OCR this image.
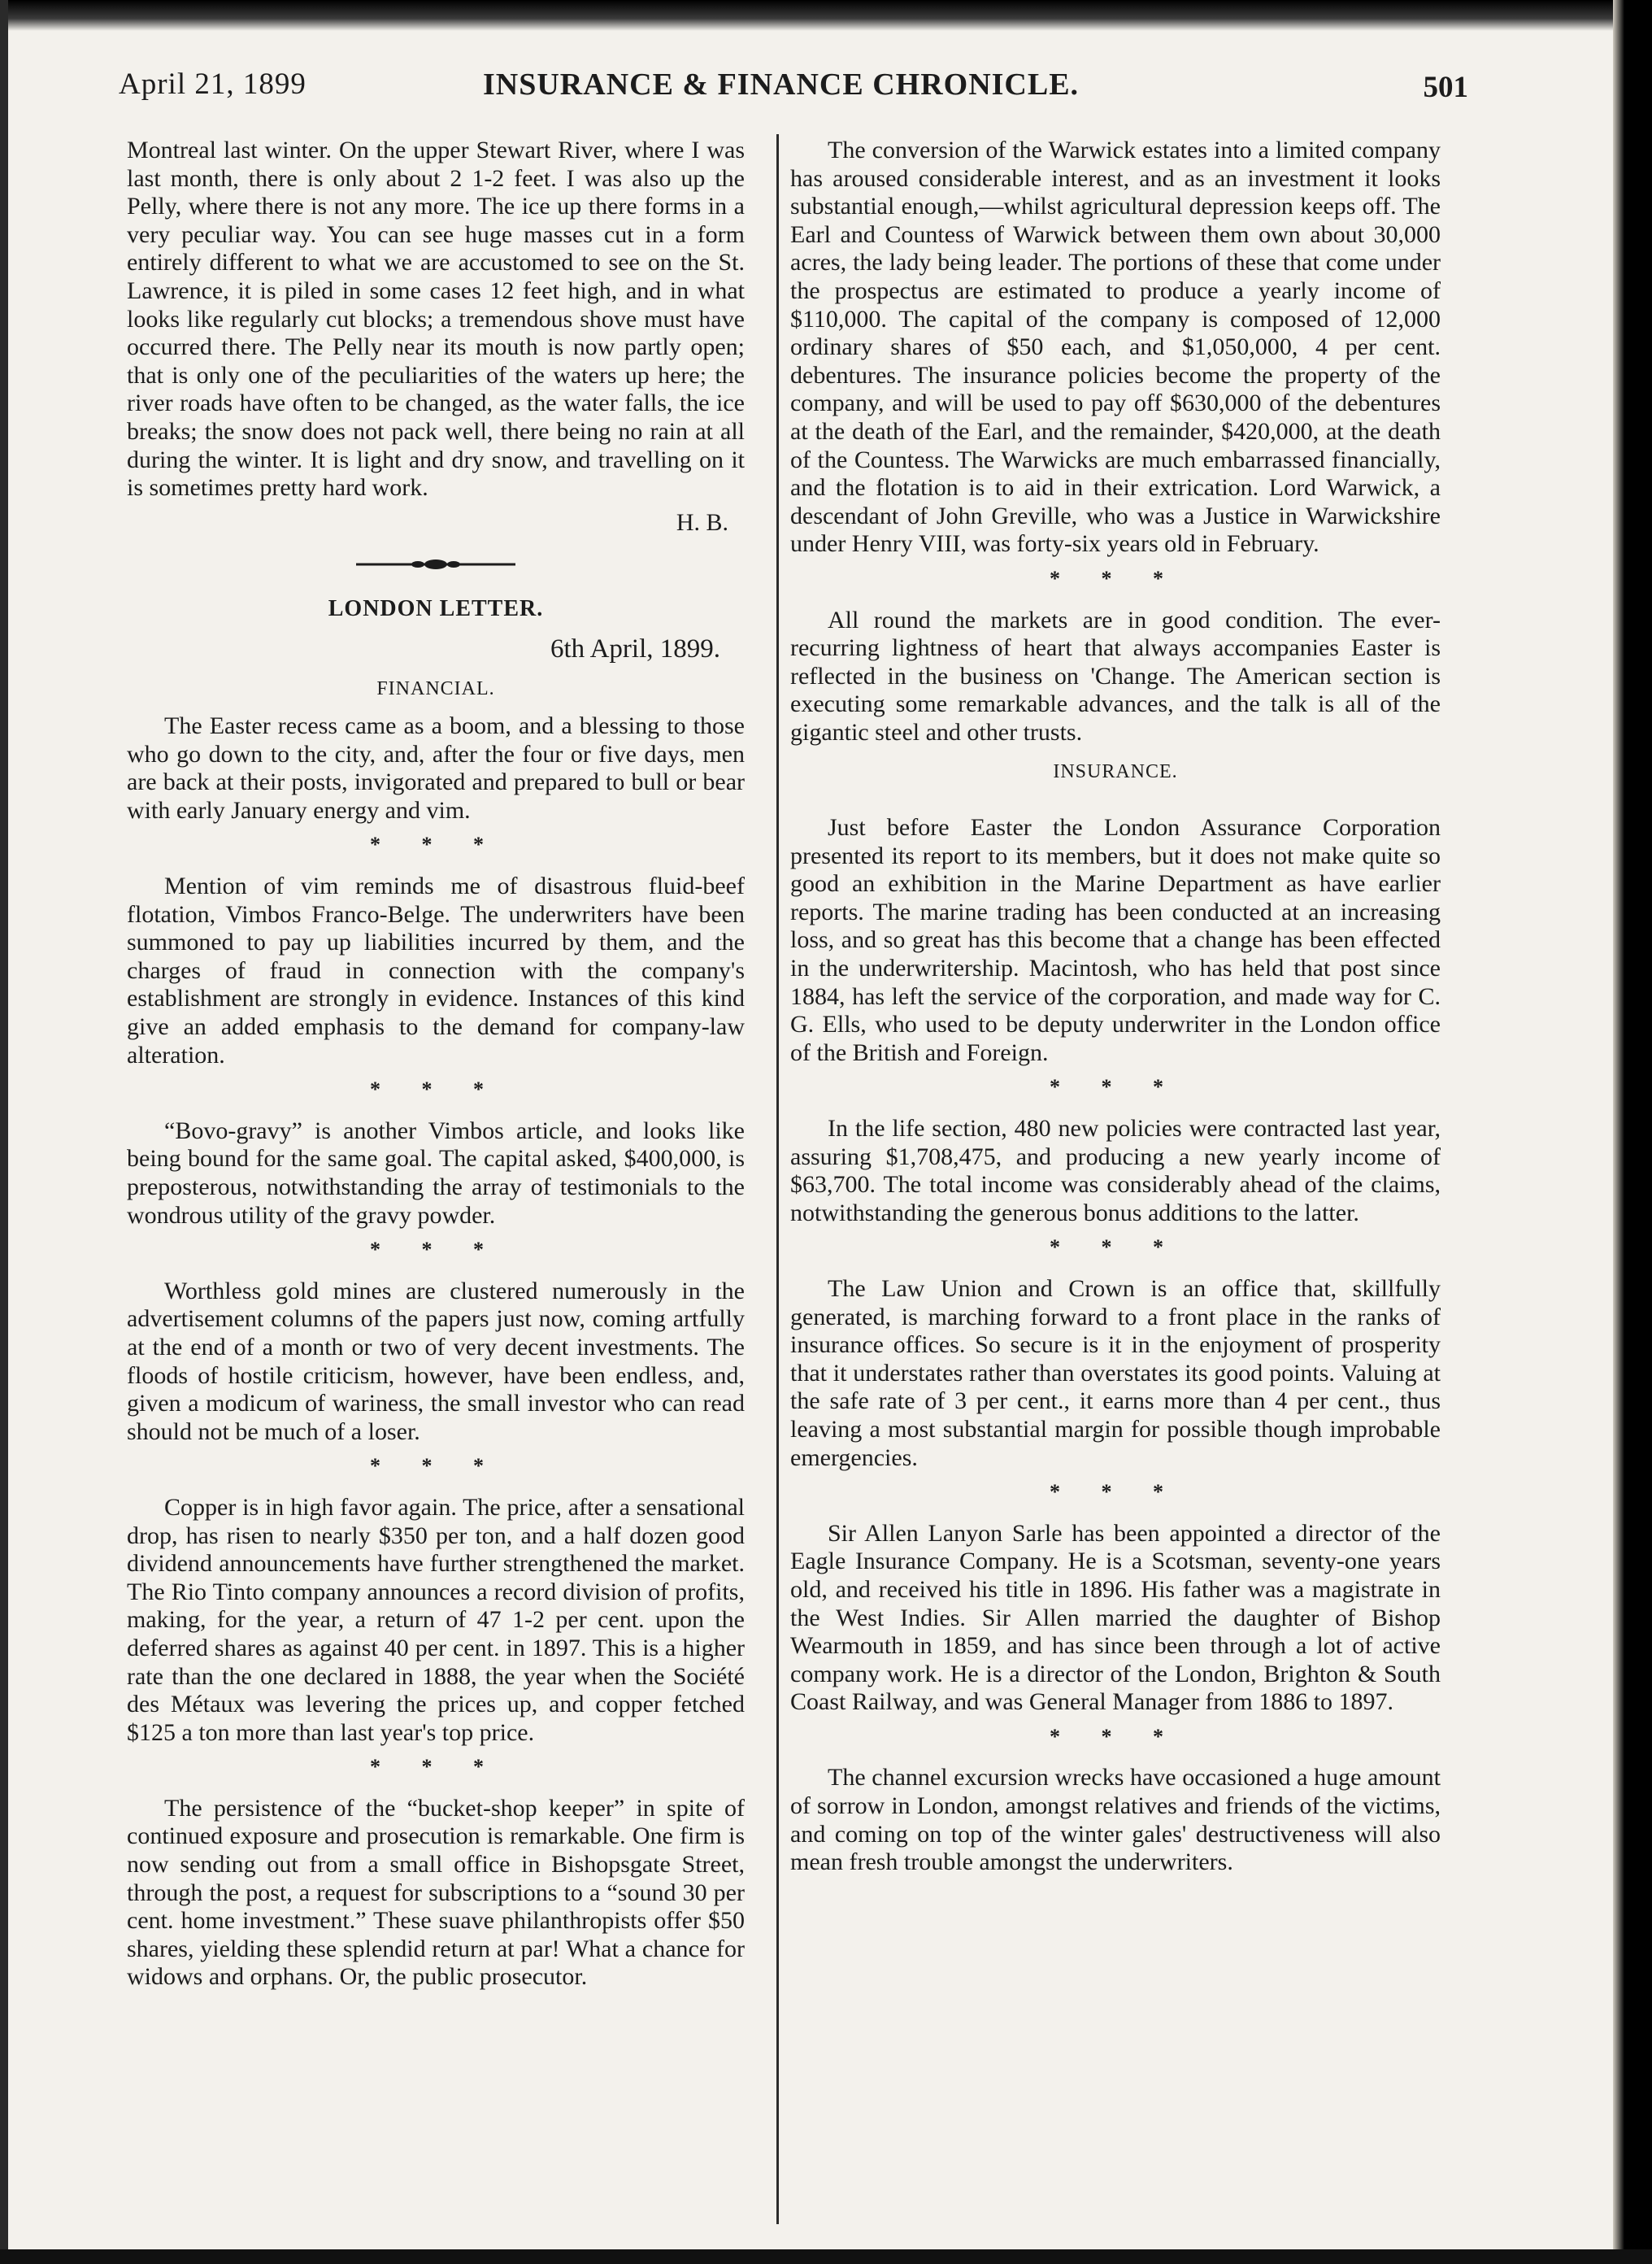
April 21, 1899	INSURANCE & FINANCE CHRONICLE.	501

Montreal last winter. On the upper Stewart River, where I was last month, there is only about 2 1-2 feet. I was also up the Pelly, where there is not any more. The ice up there forms in a very peculiar way. You can see huge masses cut in a form entirely different to what we are accustomed to see on the St. Lawrence, it is piled in some cases 12 feet high, and in what looks like regularly cut blocks; a tremendous shove must have occurred there. The Pelly near its mouth is now partly open; that is only one of the peculiarities of the waters up here; the river roads have often to be changed, as the water falls, the ice breaks; the snow does not pack well, there being no rain at all during the winter. It is light and dry snow, and travelling on it is sometimes pretty hard work.

H. B.
LONDON LETTER.
6th April, 1899.
FINANCIAL.

The Easter recess came as a boom, and a blessing to those who go down to the city, and, after the four or five days, men are back at their posts, invigorated and prepared to bull or bear with early January energy and vim.

* * *

Mention of vim reminds me of disastrous fluid-beef flotation, Vimbos Franco-Belge. The underwriters have been summoned to pay up liabilities incurred by them, and the charges of fraud in connection with the company's establishment are strongly in evidence. Instances of this kind give an added emphasis to the demand for company-law alteration.

* * *

“Bovo-gravy” is another Vimbos article, and looks like being bound for the same goal. The capital asked, $400,000, is preposterous, notwithstanding the array of testimonials to the wondrous utility of the gravy powder.

* * *

Worthless gold mines are clustered numerously in the advertisement columns of the papers just now, coming artfully at the end of a month or two of very decent investments. The floods of hostile criticism, however, have been endless, and, given a modicum of wariness, the small investor who can read should not be much of a loser.

* * *

Copper is in high favor again. The price, after a sensational drop, has risen to nearly $350 per ton, and a half dozen good dividend announcements have further strengthened the market. The Rio Tinto company announces a record division of profits, making, for the year, a return of 47 1-2 per cent. upon the deferred shares as against 40 per cent. in 1897. This is a higher rate than the one declared in 1888, the year when the Société des Métaux was levering the prices up, and copper fetched $125 a ton more than last year's top price.

* * *

The persistence of the “bucket-shop keeper” in spite of continued exposure and prosecution is remarkable. One firm is now sending out from a small office in Bishopsgate Street, through the post, a request for subscriptions to a “sound 30 per cent. home investment.” These suave philanthropists offer $50 shares, yielding these splendid return at par! What a chance for widows and orphans. Or, the public prosecutor.

The conversion of the Warwick estates into a limited company has aroused considerable interest, and as an investment it looks substantial enough,—whilst agricultural depression keeps off. The Earl and Countess of Warwick between them own about 30,000 acres, the lady being leader. The portions of these that come under the prospectus are estimated to produce a yearly income of $110,000. The capital of the company is composed of 12,000 ordinary shares of $50 each, and $1,050,000, 4 per cent. debentures. The insurance policies become the property of the company, and will be used to pay off $630,000 of the debentures at the death of the Earl, and the remainder, $420,000, at the death of the Countess. The Warwicks are much embarrassed financially, and the flotation is to aid in their extrication. Lord Warwick, a descendant of John Greville, who was a Justice in Warwickshire under Henry VIII, was forty-six years old in February.

* * *

All round the markets are in good condition. The ever-recurring lightness of heart that always accompanies Easter is reflected in the business on 'Change. The American section is executing some remarkable advances, and the talk is all of the gigantic steel and other trusts.

INSURANCE.

Just before Easter the London Assurance Corporation presented its report to its members, but it does not make quite so good an exhibition in the Marine Department as have earlier reports. The marine trading has been conducted at an increasing loss, and so great has this become that a change has been effected in the underwritership. Macintosh, who has held that post since 1884, has left the service of the corporation, and made way for C. G. Ells, who used to be deputy underwriter in the London office of the British and Foreign.

* * *

In the life section, 480 new policies were contracted last year, assuring $1,708,475, and producing a new yearly income of $63,700. The total income was considerably ahead of the claims, notwithstanding the generous bonus additions to the latter.

* * *

The Law Union and Crown is an office that, skillfully generated, is marching forward to a front place in the ranks of insurance offices. So secure is it in the enjoyment of prosperity that it understates rather than overstates its good points. Valuing at the safe rate of 3 per cent., it earns more than 4 per cent., thus leaving a most substantial margin for possible though improbable emergencies.

* * *

Sir Allen Lanyon Sarle has been appointed a director of the Eagle Insurance Company. He is a Scotsman, seventy-one years old, and received his title in 1896. His father was a magistrate in the West Indies. Sir Allen married the daughter of Bishop Wearmouth in 1859, and has since been through a lot of active company work. He is a director of the London, Brighton & South Coast Railway, and was General Manager from 1886 to 1897.

* * *

The channel excursion wrecks have occasioned a huge amount of sorrow in London, amongst relatives and friends of the victims, and coming on top of the winter gales' destructiveness will also mean fresh trouble amongst the underwriters.
